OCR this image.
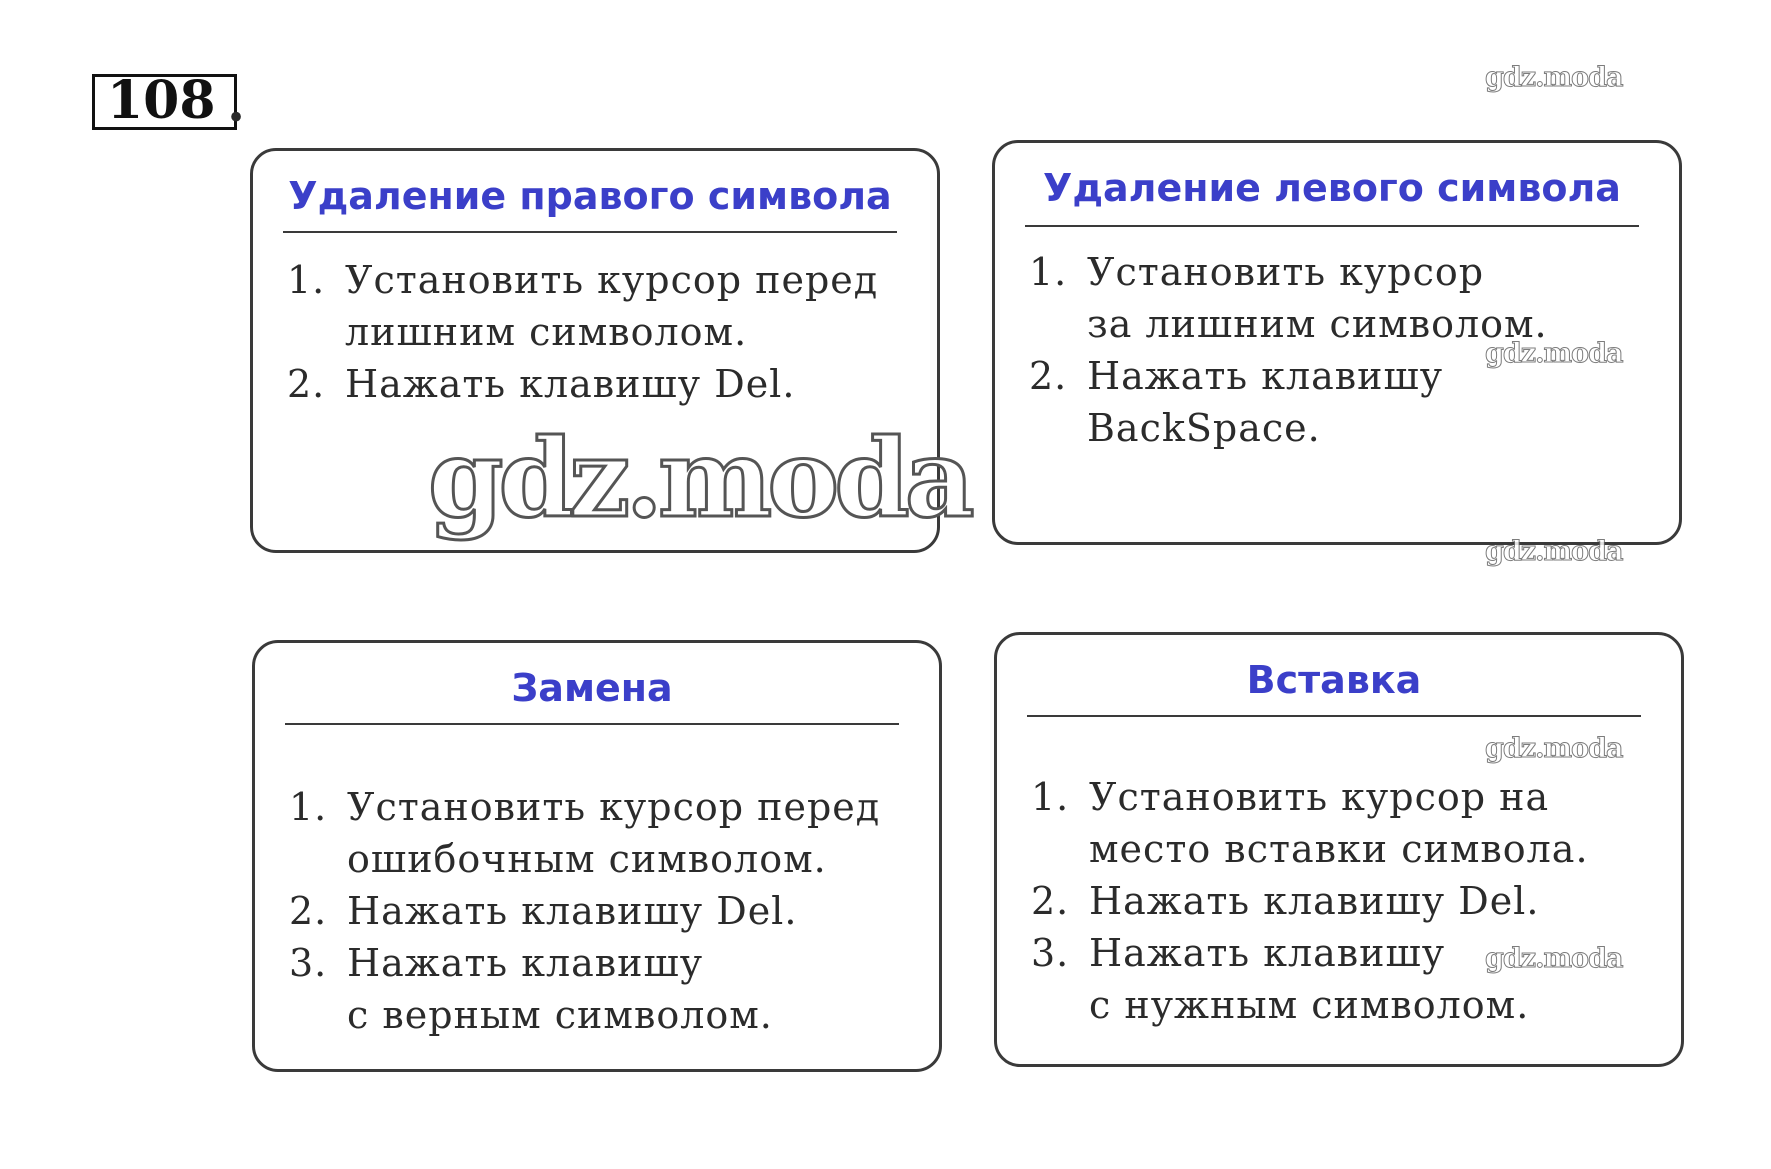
108 .
Удаление правого символа
1. Установить курсор перед
лишним символом.
2. Нажать клавишу Del.
Удаление левого символа
1. Установить курсор
за лишним символом.
2. Нажать клавишу
BackSpace.
Замена
1. Установить курсор перед
ошибочным символом.
2. Нажать клавишу Del.
3. Нажать клавишу
с верным символом.
Вставка
1. Установить курсор на
место вставки символа.
2. Нажать клавишу Del.
3. Нажать клавишу
с нужным символом.
gdz.moda
gdz.moda
gdz.moda
gdz.moda
gdz.moda
gdz.moda
